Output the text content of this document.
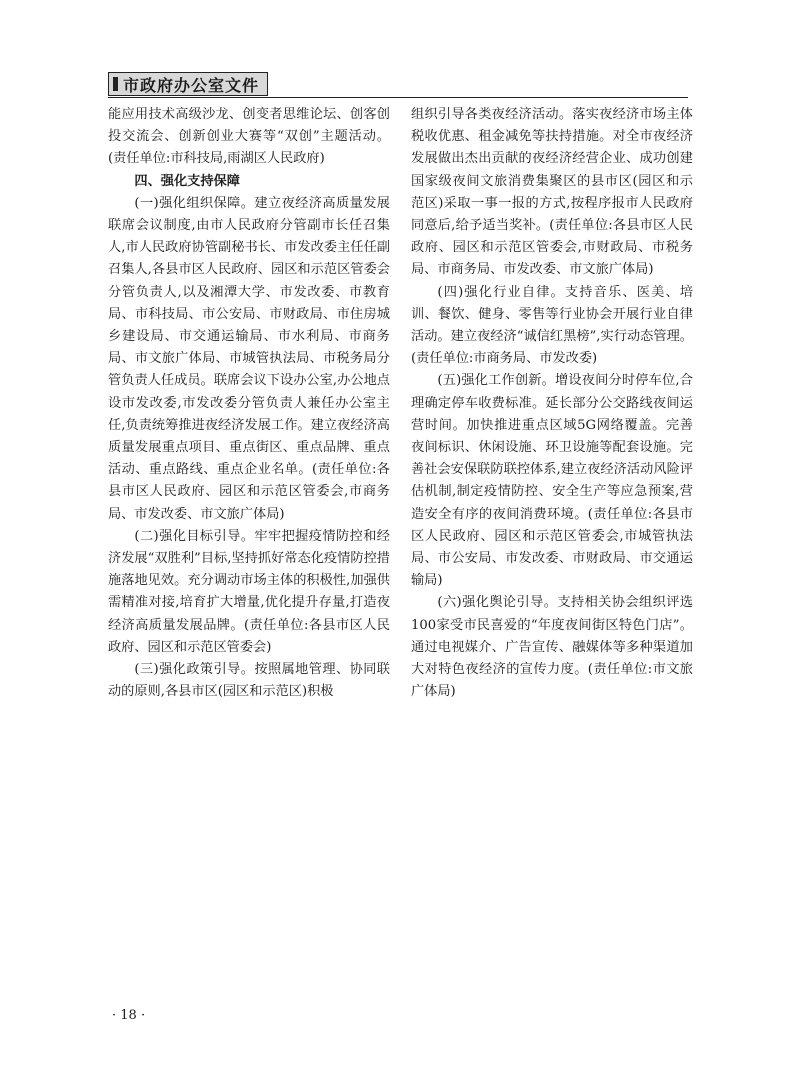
市政府办公室文件

能应用技术高级沙龙、创变者思维论坛、创客创投交流会、创新创业大赛等“双创”主题活动。(责任单位:市科技局,雨湖区人民政府)

四、强化支持保障

(一)强化组织保障。建立夜经济高质量发展联席会议制度,由市人民政府分管副市长任召集人,市人民政府协管副秘书长、市发改委主任任副召集人,各县市区人民政府、园区和示范区管委会分管负责人,以及湘潭大学、市发改委、市教育局、市科技局、市公安局、市财政局、市住房城乡建设局、市交通运输局、市水利局、市商务局、市文旅广体局、市城管执法局、市税务局分管负责人任成员。联席会议下设办公室,办公地点设市发改委,市发改委分管负责人兼任办公室主任,负责统筹推进夜经济发展工作。建立夜经济高质量发展重点项目、重点街区、重点品牌、重点活动、重点路线、重点企业名单。(责任单位:各县市区人民政府、园区和示范区管委会,市商务局、市发改委、市文旅广体局)

(二)强化目标引导。牢牢把握疫情防控和经济发展“双胜利”目标,坚持抓好常态化疫情防控措施落地见效。充分调动市场主体的积极性,加强供需精准对接,培育扩大增量,优化提升存量,打造夜经济高质量发展品牌。(责任单位:各县市区人民政府、园区和示范区管委会)

(三)强化政策引导。按照属地管理、协同联动的原则,各县市区(园区和示范区)积极

组织引导各类夜经济活动。落实夜经济市场主体税收优惠、租金减免等扶持措施。对全市夜经济发展做出杰出贡献的夜经济经营企业、成功创建国家级夜间文旅消费集聚区的县市区(园区和示范区)采取一事一报的方式,按程序报市人民政府同意后,给予适当奖补。(责任单位:各县市区人民政府、园区和示范区管委会,市财政局、市税务局、市商务局、市发改委、市文旅广体局)

(四)强化行业自律。支持音乐、医美、培训、餐饮、健身、零售等行业协会开展行业自律活动。建立夜经济“诚信红黑榜”,实行动态管理。(责任单位:市商务局、市发改委)

(五)强化工作创新。增设夜间分时停车位,合理确定停车收费标准。延长部分公交路线夜间运营时间。加快推进重点区域5G网络覆盖。完善夜间标识、休闲设施、环卫设施等配套设施。完善社会安保联防联控体系,建立夜经济活动风险评估机制,制定疫情防控、安全生产等应急预案,营造安全有序的夜间消费环境。(责任单位:各县市区人民政府、园区和示范区管委会,市城管执法局、市公安局、市发改委、市财政局、市交通运输局)

(六)强化舆论引导。支持相关协会组织评选100家受市民喜爱的“年度夜间街区特色门店”。通过电视媒介、广告宣传、融媒体等多种渠道加大对特色夜经济的宣传力度。(责任单位:市文旅广体局)

· 18 ·
